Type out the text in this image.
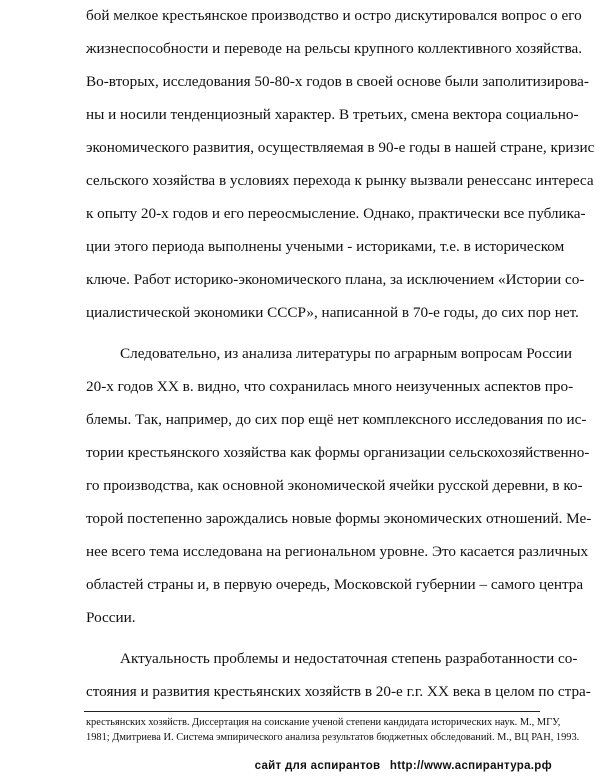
бой мелкое крестьянское производство и остро дискутировался вопрос о его
жизнеспособности и переводе на рельсы крупного коллективного хозяйства.
Во-вторых, исследования 50-80-х годов в своей основе были заполитизирова-
ны и носили тенденциозный характер. В третьих, смена вектора социально-
экономического развития, осуществляемая в 90-е годы в нашей стране, кризис
сельского хозяйства в условиях перехода к рынку вызвали ренессанс интереса
к опыту 20-х годов и его переосмысление. Однако, практически все публика-
ции этого периода выполнены учеными - историками, т.е. в историческом
ключе. Работ историко-экономического плана, за исключением «Истории со-
циалистической экономики СССР», написанной в 70-е годы, до сих пор нет.
Следовательно, из анализа литературы по аграрным вопросам России
20-х годов XX в. видно, что сохранилась много неизученных аспектов про-
блемы. Так, например, до сих пор ещё нет комплексного исследования по ис-
тории крестьянского хозяйства как формы организации сельскохозяйственно-
го производства, как основной экономической ячейки русской деревни, в ко-
торой постепенно зарождались новые формы экономических отношений. Ме-
нее всего тема исследована на региональном уровне. Это касается различных
областей страны и, в первую очередь, Московской губернии – самого центра
России.
Актуальность проблемы и недостаточная степень разработанности со-
стояния и развития крестьянских хозяйств в 20-е г.г. XX века в целом по стра-
крестьянских хозяйств. Диссертация на соискание ученой степени кандидата исторических наук. М., МГУ,
1981; Дмитриева И. Система эмпирического анализа результатов бюджетных обследований. М., ВЦ РАН, 1993.
сайт для аспирантов http://www.аспирантура.рф
